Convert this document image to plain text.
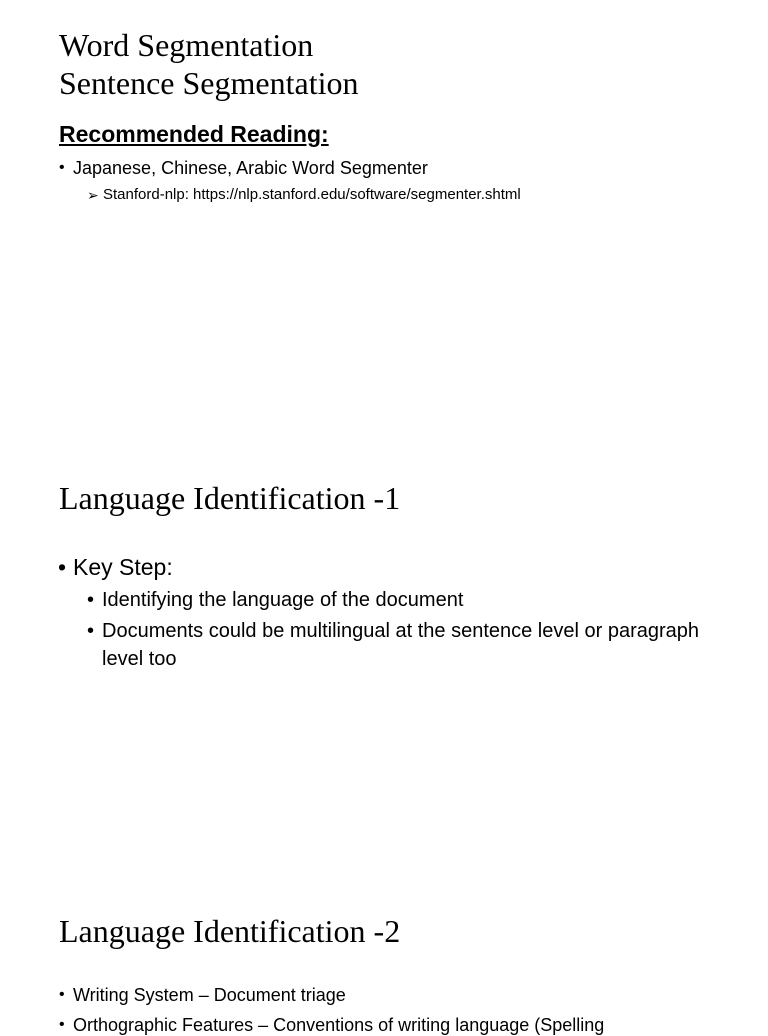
Word Segmentation
Sentence Segmentation
Recommended Reading:

• Japanese, Chinese, Arabic Word Segmenter

➢ Stanford-nlp: https://nlp.stanford.edu/software/segmenter.shtml

Language Identification -1

• Key Step:

• Identifying the language of the document

• Documents could be multilingual at the sentence level or paragraph level too

Language Identification -2

• Writing System – Document triage

• Orthographic Features – Conventions of writing language (Spelling
